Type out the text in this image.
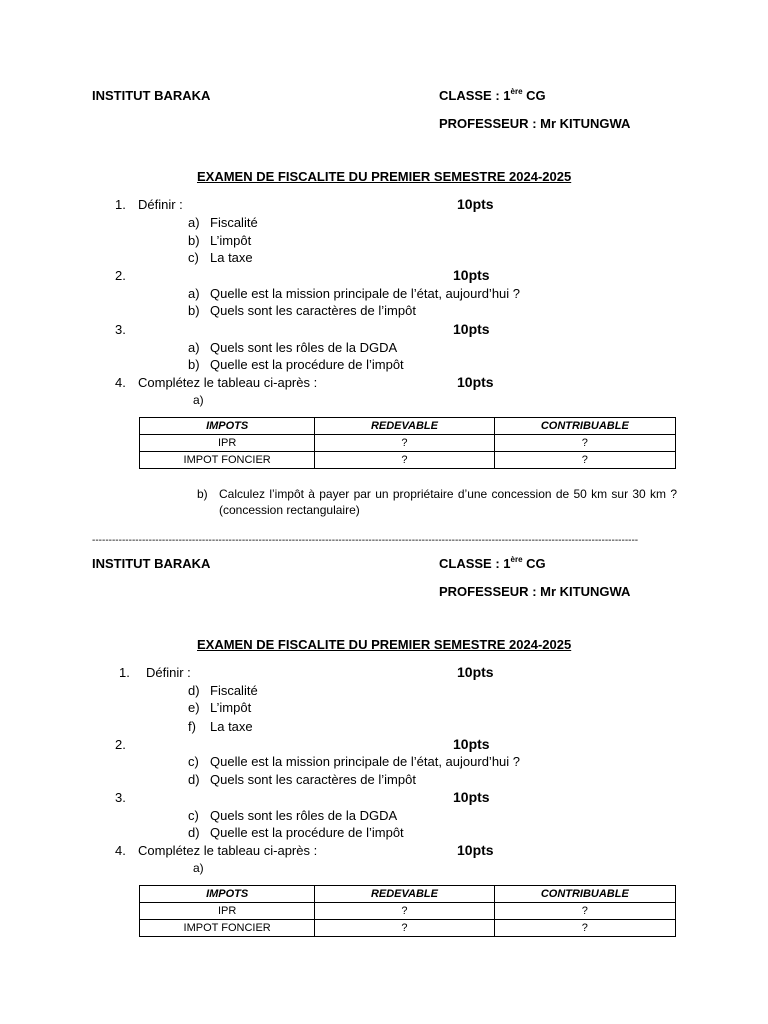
INSTITUT BARAKA	CLASSE : 1ère CG
PROFESSEUR : Mr KITUNGWA
EXAMEN DE FISCALITE DU PREMIER SEMESTRE 2024-2025
1. Définir :	10pts
a) Fiscalité
b) L’impôt
c) La taxe
2.	10pts
a) Quelle est la mission principale de l’état, aujourd’hui ?
b) Quels sont les caractères de l’impôt
3.	10pts
a) Quels sont les rôles de la DGDA
b) Quelle est la procédure de l’impôt
4. Complétez le tableau ci-après :	10pts
a)
IMPOTS	REDEVABLE	CONTRIBUABLE
IPR	?	?
IMPOT FONCIER	?	?
b) Calculez l’impôt à payer par un propriétaire d’une concession de 50 km sur 30 km ? (concession rectangulaire)
--------------------------------------------------------------------------------------------------------------------------------------------------------------------
INSTITUT BARAKA	CLASSE : 1ère CG
PROFESSEUR : Mr KITUNGWA
EXAMEN DE FISCALITE DU PREMIER SEMESTRE 2024-2025
1. Définir :	10pts
d) Fiscalité
e) L’impôt
f) La taxe
2.	10pts
c) Quelle est la mission principale de l’état, aujourd’hui ?
d) Quels sont les caractères de l’impôt
3.	10pts
c) Quels sont les rôles de la DGDA
d) Quelle est la procédure de l’impôt
4. Complétez le tableau ci-après :	10pts
a)
IMPOTS	REDEVABLE	CONTRIBUABLE
IPR	?	?
IMPOT FONCIER	?	?
